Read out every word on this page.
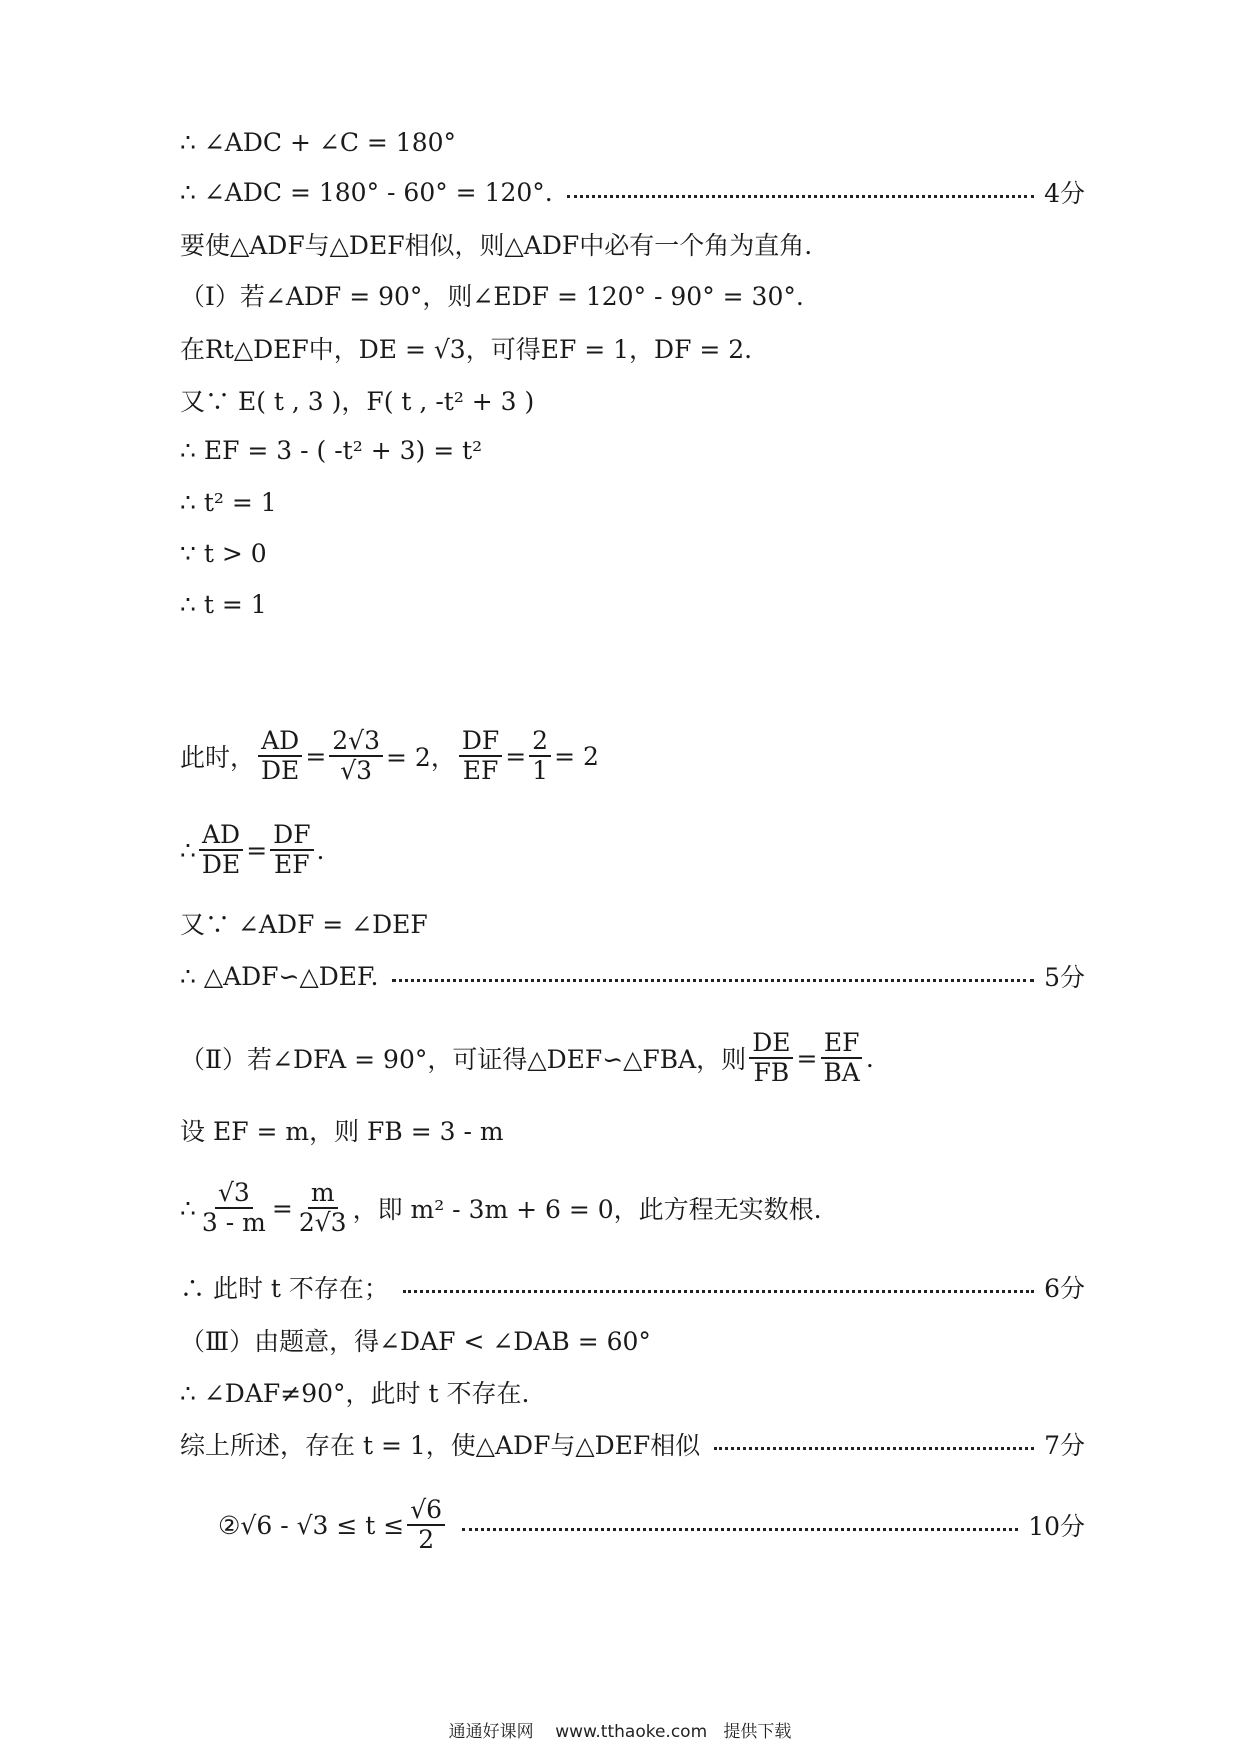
∴ ∠ADC + ∠C = 180°
∴ ∠ADC = 180° - 60° = 120°.	4分
要使△ADF与△DEF相似，则△ADF中必有一个角为直角.
（Ⅰ）若∠ADF = 90°，则∠EDF = 120° - 90° = 30°.
在Rt△DEF中，DE = √3，可得EF = 1，DF = 2.
又∵ E( t , 3 )，F( t , -t² + 3 )
∴ EF = 3 - ( -t² + 3) = t²
∴ t² = 1
∵ t > 0
∴ t = 1
此时， $\frac{AD}{DE} = \frac{2√3}{√3} = 2$， $\frac{DF}{EF} = \frac{2}{1} = 2$
∴ $\frac{AD}{DE} = \frac{DF}{EF}$ .
又∵ ∠ADF = ∠DEF
∴ △ADF∽△DEF.	5分
（Ⅱ）若∠DFA = 90°，可证得△DEF∽△FBA，则 $\frac{DE}{FB} = \frac{EF}{BA}$ .
设 EF = m，则 FB = 3 - m
∴ $\frac{√3}{3 - m} = \frac{m}{2√3}$ ，即 m² - 3m + 6 = 0，此方程无实数根.
∴ 此时 t 不存在；	6分
（Ⅲ）由题意，得∠DAF < ∠DAB = 60°
∴ ∠DAF≠90°，此时 t 不存在.
综上所述，存在 t = 1，使△ADF与△DEF相似	7分
②√6 - $√3 \le t \le \frac{√6}{2}$	10分
通通好课网 www.tthaoke.com 提供下载
